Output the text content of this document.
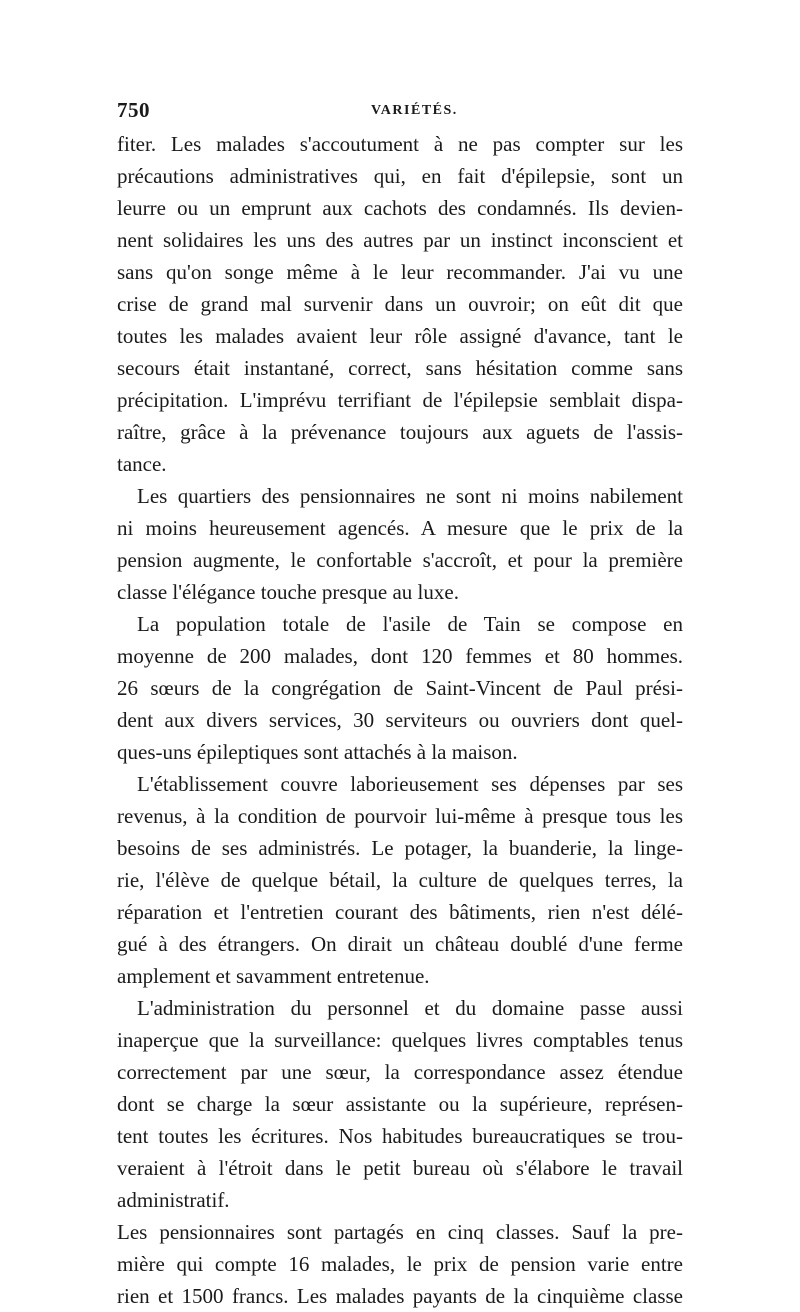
750	VARIÉTÉS.
fiter. Les malades s'accoutument à ne pas compter sur les
précautions administratives qui, en fait d'épilepsie, sont un
leurre ou un emprunt aux cachots des condamnés. Ils devien-
nent solidaires les uns des autres par un instinct inconscient et
sans qu'on songe même à le leur recommander. J'ai vu une
crise de grand mal survenir dans un ouvroir; on eût dit que
toutes les malades avaient leur rôle assigné d'avance, tant le
secours était instantané, correct, sans hésitation comme sans
précipitation. L'imprévu terrifiant de l'épilepsie semblait dispa-
raître, grâce à la prévenance toujours aux aguets de l'assis-
tance.
Les quartiers des pensionnaires ne sont ni moins nabilement
ni moins heureusement agencés. A mesure que le prix de la
pension augmente, le confortable s'accroît, et pour la première
classe l'élégance touche presque au luxe.
La population totale de l'asile de Tain se compose en
moyenne de 200 malades, dont 120 femmes et 80 hommes.
26 sœurs de la congrégation de Saint-Vincent de Paul prési-
dent aux divers services, 30 serviteurs ou ouvriers dont quel-
ques-uns épileptiques sont attachés à la maison.
L'établissement couvre laborieusement ses dépenses par ses
revenus, à la condition de pourvoir lui-même à presque tous les
besoins de ses administrés. Le potager, la buanderie, la linge-
rie, l'élève de quelque bétail, la culture de quelques terres, la
réparation et l'entretien courant des bâtiments, rien n'est délé-
gué à des étrangers. On dirait un château doublé d'une ferme
amplement et savamment entretenue.
L'administration du personnel et du domaine passe aussi
inaperçue que la surveillance: quelques livres comptables tenus
correctement par une sœur, la correspondance assez étendue
dont se charge la sœur assistante ou la supérieure, représen-
tent toutes les écritures. Nos habitudes bureaucratiques se trou-
veraient à l'étroit dans le petit bureau où s'élabore le travail
administratif.
Les pensionnaires sont partagés en cinq classes. Sauf la pre-
mière qui compte 16 malades, le prix de pension varie entre
rien et 1500 francs. Les malades payants de la cinquième classe
